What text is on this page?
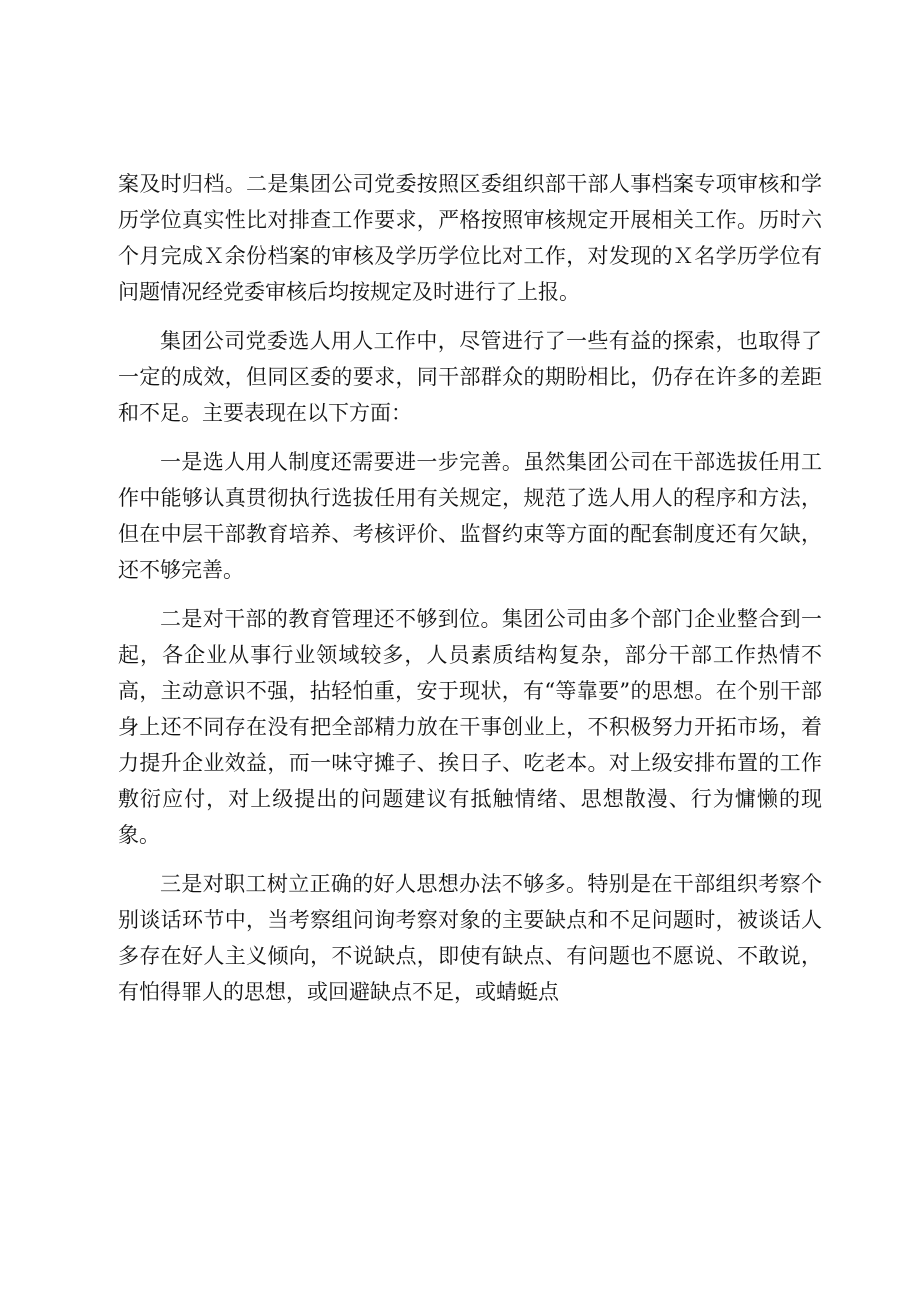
案及时归档。二是集团公司党委按照区委组织部干部人事档案专项审核和学历学位真实性比对排查工作要求，严格按照审核规定开展相关工作。历时六个月完成Ｘ余份档案的审核及学历学位比对工作，对发现的Ｘ名学历学位有问题情况经党委审核后均按规定及时进行了上报。

集团公司党委选人用人工作中，尽管进行了一些有益的探索，也取得了一定的成效，但同区委的要求，同干部群众的期盼相比，仍存在许多的差距和不足。主要表现在以下方面：

一是选人用人制度还需要进一步完善。虽然集团公司在干部选拔任用工作中能够认真贯彻执行选拔任用有关规定，规范了选人用人的程序和方法，但在中层干部教育培养、考核评价、监督约束等方面的配套制度还有欠缺，还不够完善。

二是对干部的教育管理还不够到位。集团公司由多个部门企业整合到一起，各企业从事行业领域较多，人员素质结构复杂，部分干部工作热情不高，主动意识不强，拈轻怕重，安于现状，有“等靠要”的思想。在个别干部身上还不同存在没有把全部精力放在干事创业上，不积极努力开拓市场，着力提升企业效益，而一味守摊子、挨日子、吃老本。对上级安排布置的工作敷衍应付，对上级提出的问题建议有抵触情绪、思想散漫、行为慵懒的现象。

三是对职工树立正确的好人思想办法不够多。特别是在干部组织考察个别谈话环节中，当考察组问询考察对象的主要缺点和不足问题时，被谈话人多存在好人主义倾向，不说缺点，即使有缺点、有问题也不愿说、不敢说，有怕得罪人的思想，或回避缺点不足，或蜻蜓点
